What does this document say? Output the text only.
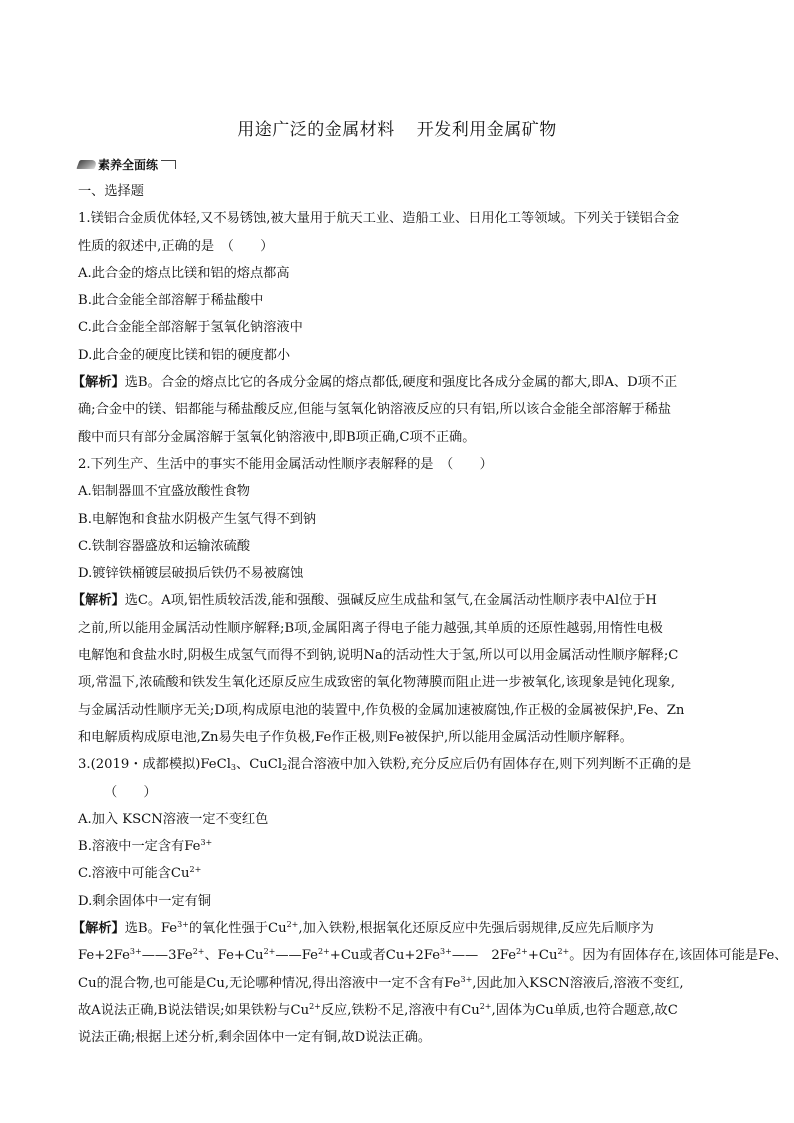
用途广泛的金属材料 开发利用金属矿物
素养全面练
一、选择题
1.镁铝合金质优体轻,又不易锈蚀,被大量用于航天工业、造船工业、日用化工等领域。下列关于镁铝合金
性质的叙述中,正确的是　（　　）
A.此合金的熔点比镁和铝的熔点都高
B.此合金能全部溶解于稀盐酸中
C.此合金能全部溶解于氢氧化钠溶液中
D.此合金的硬度比镁和铝的硬度都小
【解析】选B。合金的熔点比它的各成分金属的熔点都低,硬度和强度比各成分金属的都大,即A、D项不正
确;合金中的镁、铝都能与稀盐酸反应,但能与氢氧化钠溶液反应的只有铝,所以该合金能全部溶解于稀盐
酸中而只有部分金属溶解于氢氧化钠溶液中,即B项正确,C项不正确。
2.下列生产、生活中的事实不能用金属活动性顺序表解释的是　（　　）
A.铝制器皿不宜盛放酸性食物
B.电解饱和食盐水阴极产生氢气得不到钠
C.铁制容器盛放和运输浓硫酸
D.镀锌铁桶镀层破损后铁仍不易被腐蚀
【解析】选C。A项,铝性质较活泼,能和强酸、强碱反应生成盐和氢气,在金属活动性顺序表中Al位于H
之前,所以能用金属活动性顺序解释;B项,金属阳离子得电子能力越强,其单质的还原性越弱,用惰性电极
电解饱和食盐水时,阴极生成氢气而得不到钠,说明Na的活动性大于氢,所以可以用金属活动性顺序解释;C
项,常温下,浓硫酸和铁发生氧化还原反应生成致密的氧化物薄膜而阻止进一步被氧化,该现象是钝化现象,
与金属活动性顺序无关;D项,构成原电池的装置中,作负极的金属加速被腐蚀,作正极的金属被保护,Fe、Zn
和电解质构成原电池,Zn易失电子作负极,Fe作正极,则Fe被保护,所以能用金属活动性顺序解释。
3.(2019・成都模拟)FeCl$_3$、CuCl$_2$混合溶液中加入铁粉,充分反应后仍有固体存在,则下列判断不正确的是
（　　）
A.加入 KSCN溶液一定不变红色
B.溶液中一定含有$Fe^{3+}$
C.溶液中可能含$Cu^{2+}$
D.剩余固体中一定有铜
【解析】选B。$Fe^{3+}$的氧化性强于$Cu^{2+}$,加入铁粉,根据氧化还原反应中先强后弱规律,反应先后顺序为
$Fe+2Fe^{3+}——3Fe^{2+}$、$Fe+Cu^{2+}——Fe^{2+}+Cu$或者$Cu+2Fe^{3+}——$　$2Fe^{2+}+Cu^{2+}$。因为有固体存在,该固体可能是Fe、
Cu的混合物,也可能是Cu,无论哪种情况,得出溶液中一定不含有$Fe^{3+}$,因此加入KSCN溶液后,溶液不变红,
故A说法正确,B说法错误;如果铁粉与$Cu^{2+}$反应,铁粉不足,溶液中有$Cu^{2+}$,固体为Cu单质,也符合题意,故C
说法正确;根据上述分析,剩余固体中一定有铜,故D说法正确。
